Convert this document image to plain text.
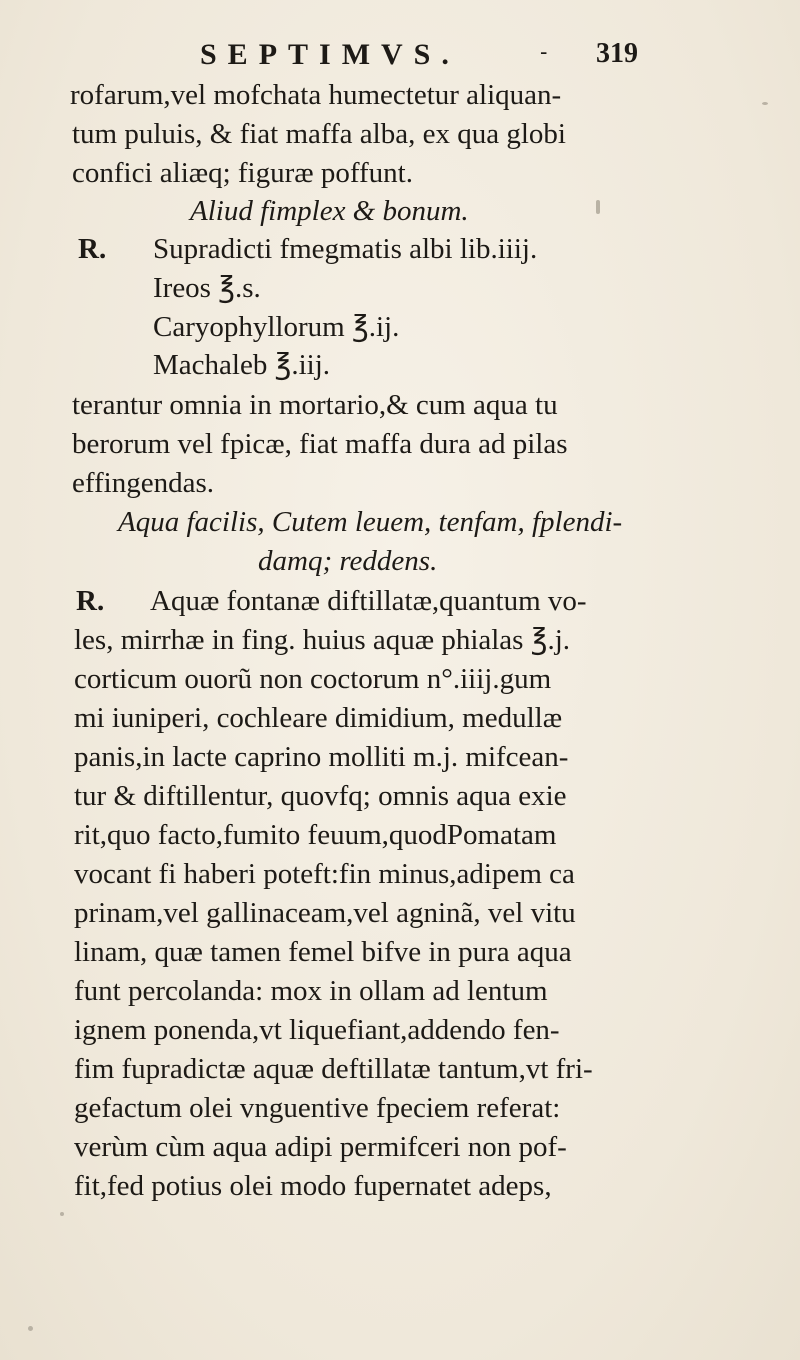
SEPTIMVS.	- 319
rofarum,vel mofchata humectetur aliquan-
tum puluis, & fiat maffa alba, ex qua globi
confici aliæq; figuræ poffunt.
Aliud fimplex & bonum.
R. Supradicti fmegmatis albi lib.iiij.
Ireos ℥.s.
Caryophyllorum ℥.ij.
Machaleb ℥.iij.
terantur omnia in mortario,& cum aqua tu
berorum vel fpicæ, fiat maffa dura ad pilas
effingendas.
Aqua facilis, Cutem leuem, tenfam, fplendi-
damq; reddens.
R. Aquæ fontanæ diftillatæ,quantum vo-
les, mirrhæ in fing. huius aquæ phialas ℥.j.
corticum ouorũ non coctorum n°.iiij.gum
mi iuniperi, cochleare dimidium, medullæ
panis,in lacte caprino molliti m.j. mifcean-
tur & diftillentur, quovfq; omnis aqua exie
rit,quo facto,fumito feuum,quodPomatam
vocant fi haberi poteft:fin minus,adipem ca
prinam,vel gallinaceam,vel agninã, vel vitu
linam, quæ tamen femel bifve in pura aqua
funt percolanda: mox in ollam ad lentum
ignem ponenda,vt liquefiant,addendo fen-
fim fupradictæ aquæ deftillatæ tantum,vt fri-
gefactum olei vnguentive fpeciem referat:
verùm cùm aqua adipi permifceri non pof-
fit,fed potius olei modo fupernatet adeps,
